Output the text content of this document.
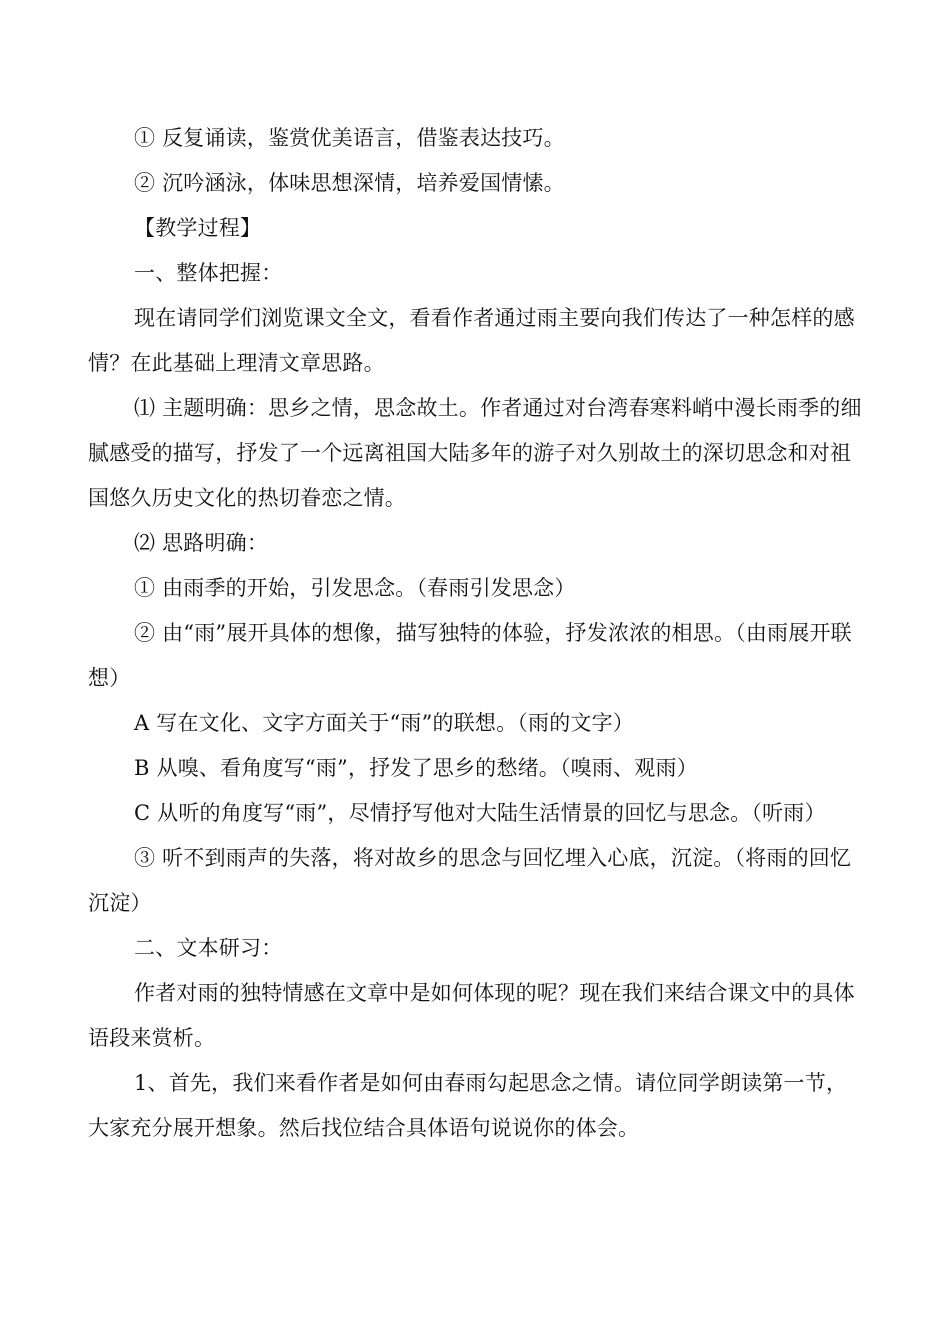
① 反复诵读，鉴赏优美语言，借鉴表达技巧。

② 沉吟涵泳，体味思想深情，培养爱国情愫。

【教学过程】

一、整体把握：

现在请同学们浏览课文全文，看看作者通过雨主要向我们传达了一种怎样的感情？在此基础上理清文章思路。

⑴ 主题明确：思乡之情，思念故土。作者通过对台湾春寒料峭中漫长雨季的细腻感受的描写，抒发了一个远离祖国大陆多年的游子对久别故土的深切思念和对祖国悠久历史文化的热切眷恋之情。

⑵ 思路明确：

① 由雨季的开始，引发思念。（春雨引发思念）

② 由“雨”展开具体的想像，描写独特的体验，抒发浓浓的相思。（由雨展开联想）

A 写在文化、文字方面关于“雨”的联想。（雨的文字）

B 从嗅、看角度写“雨”，抒发了思乡的愁绪。（嗅雨、观雨）

C 从听的角度写“雨”，尽情抒写他对大陆生活情景的回忆与思念。（听雨）

③ 听不到雨声的失落，将对故乡的思念与回忆埋入心底，沉淀。（将雨的回忆沉淀）

二、文本研习：

作者对雨的独特情感在文章中是如何体现的呢？现在我们来结合课文中的具体语段来赏析。

1、首先，我们来看作者是如何由春雨勾起思念之情。请位同学朗读第一节，大家充分展开想象。然后找位结合具体语句说说你的体会。
